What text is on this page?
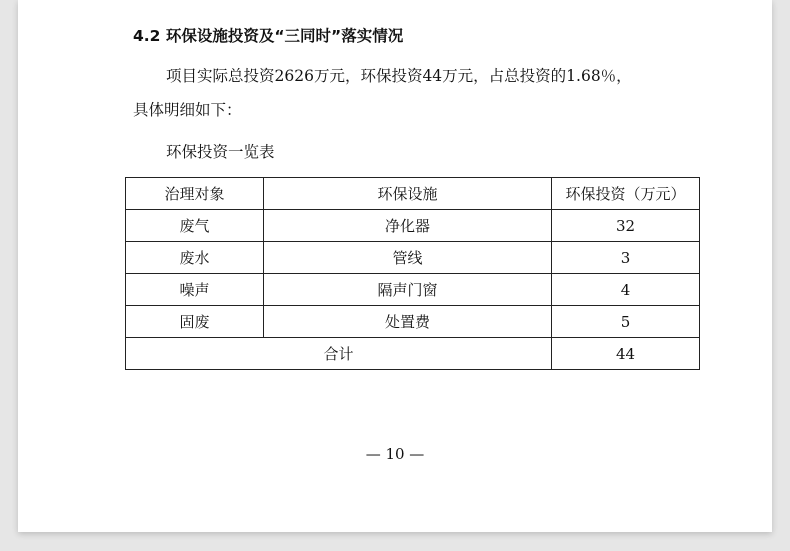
4.2 环保设施投资及“三同时”落实情况
项目实际总投资2626万元，环保投资44万元，占总投资的1.68％，
具体明细如下：
环保投资一览表
治理对象	环保设施	环保投资（万元）
废气	净化器	32
废水	管线	3
噪声	隔声门窗	4
固废	处置费	5
合计		44
— 10 —
